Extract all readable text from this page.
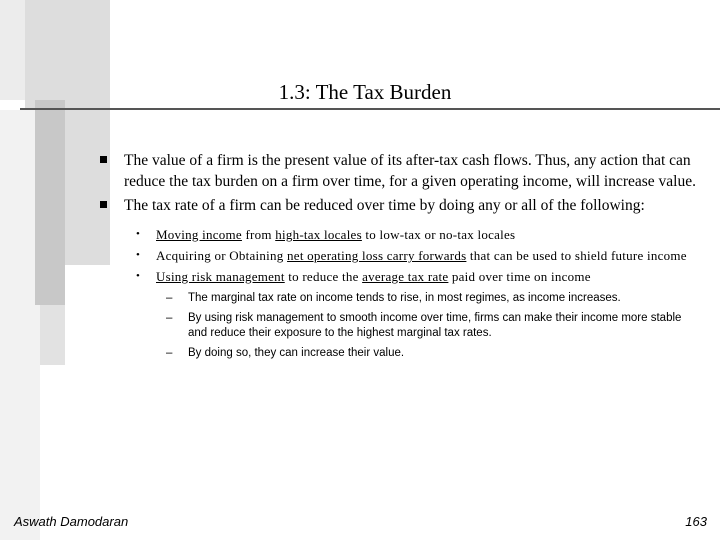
1.3: The Tax Burden
The value of a firm is the present value of its after-tax cash flows. Thus, any action that can reduce the tax burden on a firm over time, for a given operating income, will increase value.
The tax rate of a firm can be reduced over time by doing any or all of the following:
• Moving income from high-tax locales to low-tax or no-tax locales
• Acquiring or Obtaining net operating loss carry forwards that can be used to shield future income
• Using risk management to reduce the average tax rate paid over time on income
– The marginal tax rate on income tends to rise, in most regimes, as income increases.
– By using risk management to smooth income over time, firms can make their income more stable and reduce their exposure to the highest marginal tax rates.
– By doing so, they can increase their value.
Aswath Damodaran	163
